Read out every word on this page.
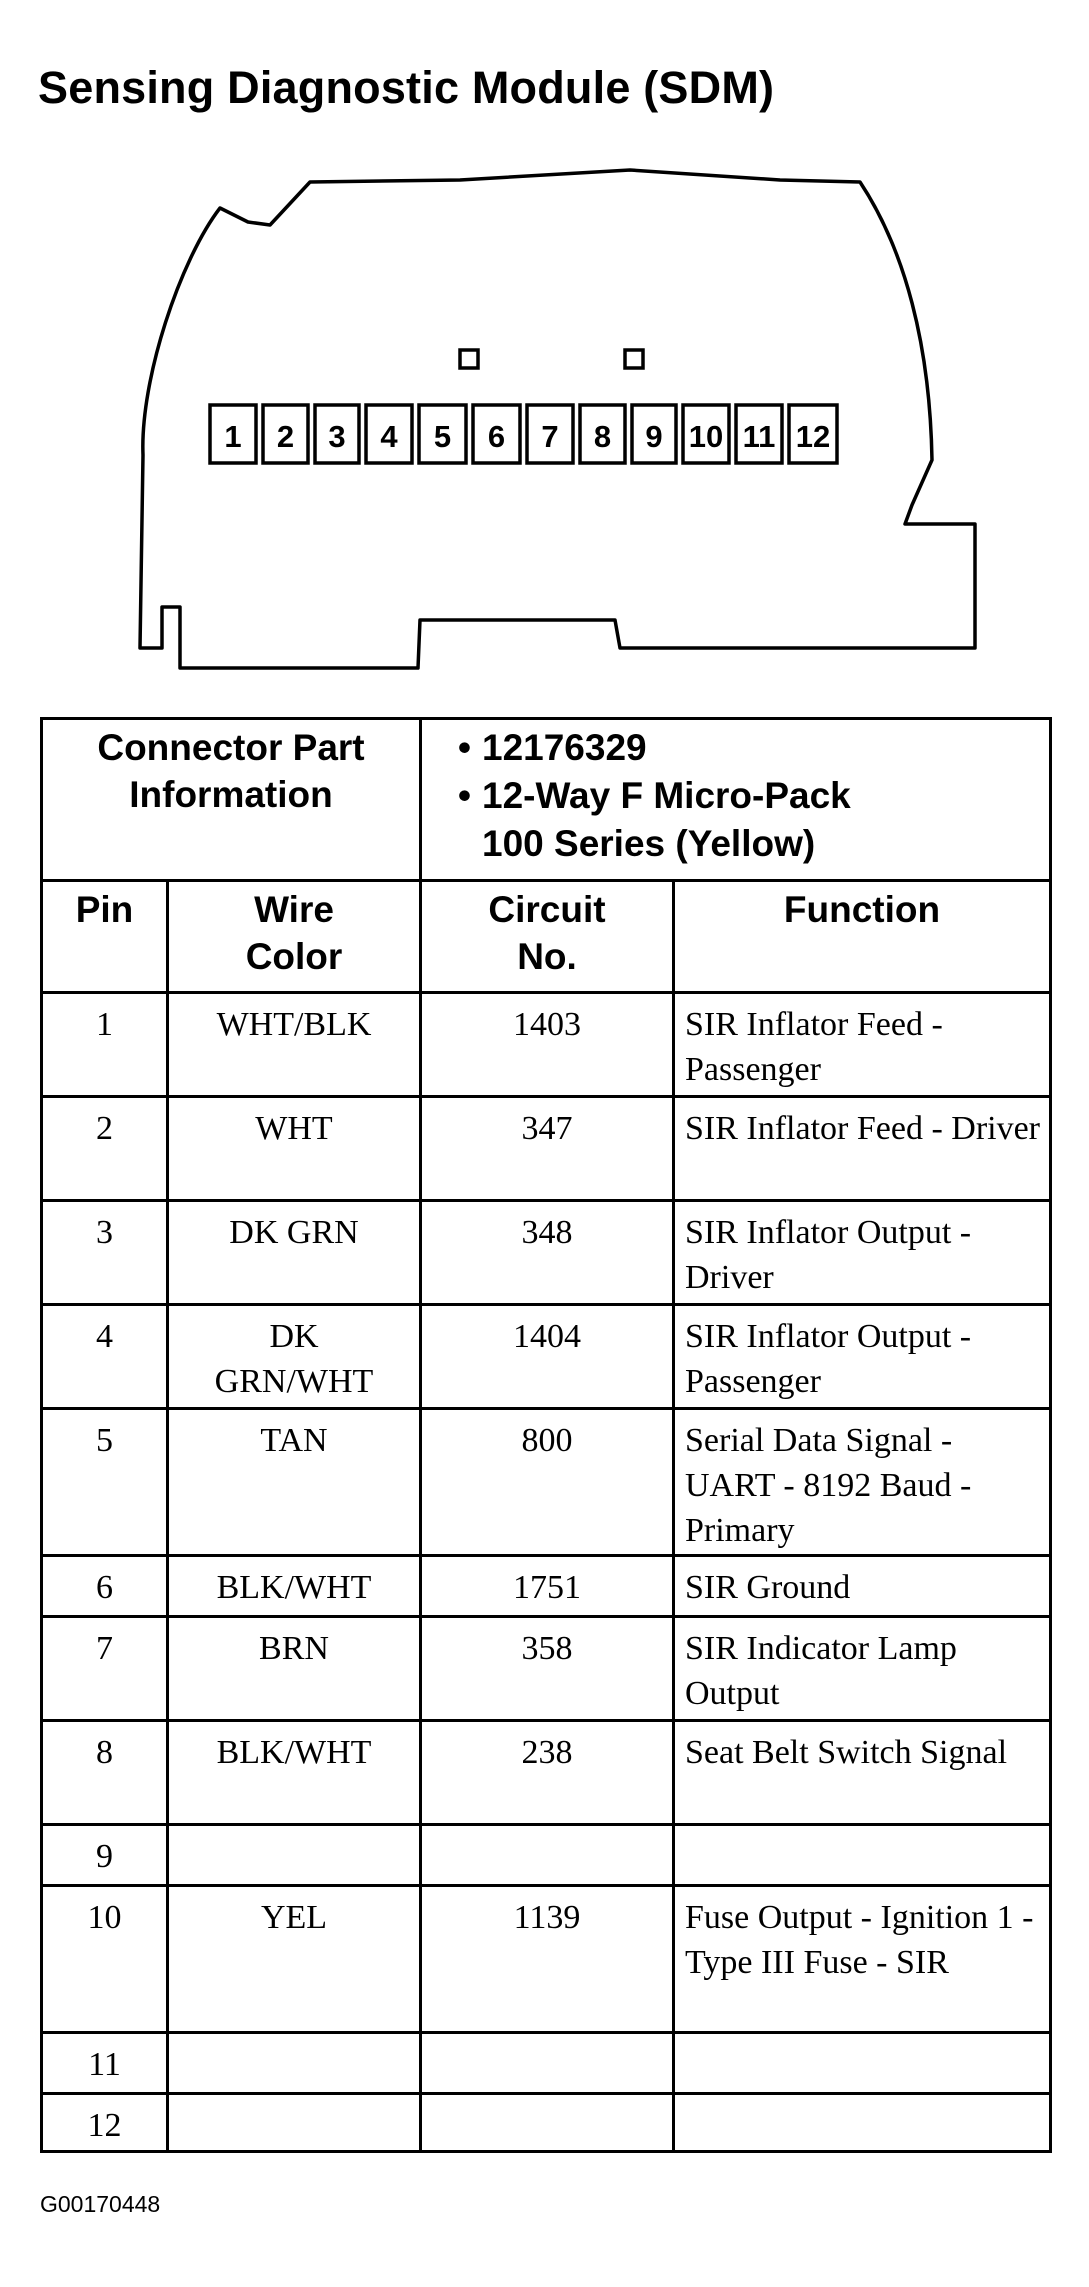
Sensing Diagnostic Module (SDM)
1 2 3 4 5 6 7 8 9 10 11 12
Connector Part Information		• 12176329
• 12-Way F Micro-Pack
100 Series (Yellow)

Pin	Wire Color	Circuit No.	Function
1	WHT/BLK	1403	SIR Inflator Feed - Passenger
2	WHT	347	SIR Inflator Feed - Driver
3	DK GRN	348	SIR Inflator Output - Driver
4	DK GRN/WHT	1404	SIR Inflator Output - Passenger
5	TAN	800	Serial Data Signal - UART - 8192 Baud - Primary
6	BLK/WHT	1751	SIR Ground
7	BRN	358	SIR Indicator Lamp Output
8	BLK/WHT	238	Seat Belt Switch Signal
9			
10	YEL	1139	Fuse Output - Ignition 1 - Type III Fuse - SIR
11			
12			
G00170448
